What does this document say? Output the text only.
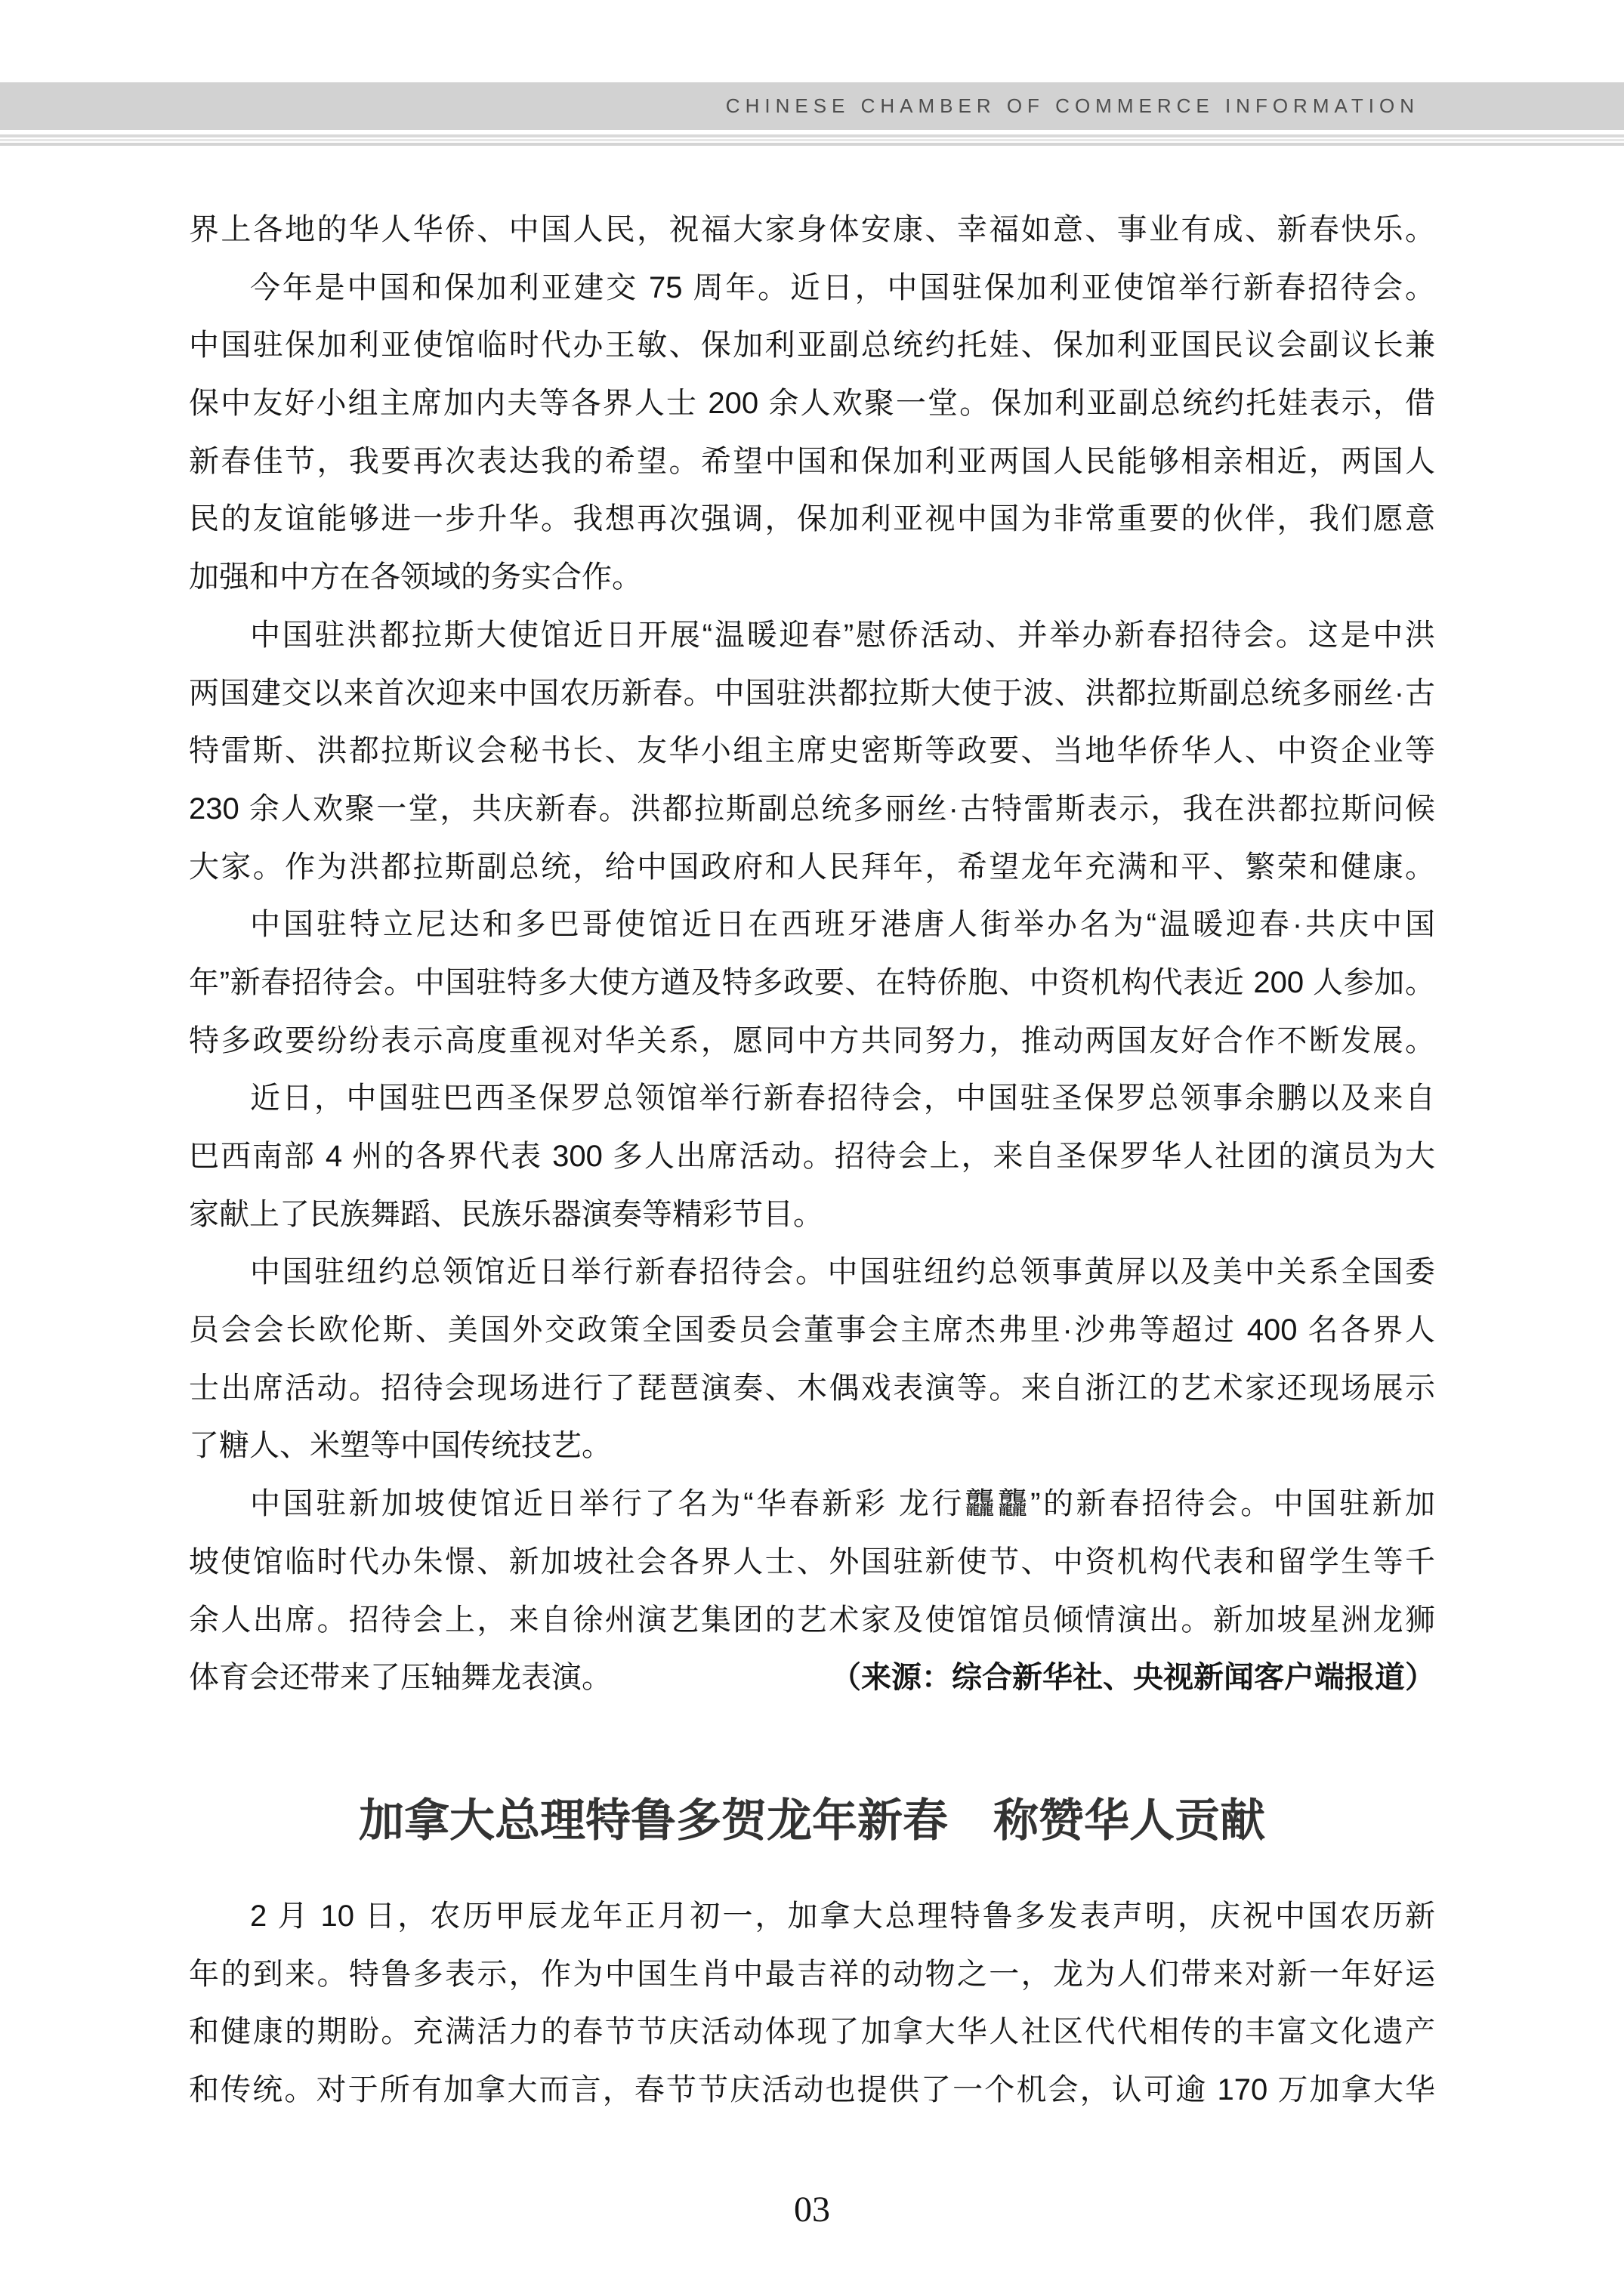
CHINESE CHAMBER OF COMMERCE INFORMATION
界上各地的华人华侨、中国人民，祝福大家身体安康、幸福如意、事业有成、新春快乐。
今年是中国和保加利亚建交 75 周年。近日，中国驻保加利亚使馆举行新春招待会。
中国驻保加利亚使馆临时代办王敏、保加利亚副总统约托娃、保加利亚国民议会副议长兼
保中友好小组主席加内夫等各界人士 200 余人欢聚一堂。保加利亚副总统约托娃表示，借
新春佳节，我要再次表达我的希望。希望中国和保加利亚两国人民能够相亲相近，两国人
民的友谊能够进一步升华。我想再次强调，保加利亚视中国为非常重要的伙伴，我们愿意
加强和中方在各领域的务实合作。
中国驻洪都拉斯大使馆近日开展“温暖迎春”慰侨活动、并举办新春招待会。这是中洪
两国建交以来首次迎来中国农历新春。中国驻洪都拉斯大使于波、洪都拉斯副总统多丽丝·古
特雷斯、洪都拉斯议会秘书长、友华小组主席史密斯等政要、当地华侨华人、中资企业等
230 余人欢聚一堂，共庆新春。洪都拉斯副总统多丽丝·古特雷斯表示，我在洪都拉斯问候
大家。作为洪都拉斯副总统，给中国政府和人民拜年，希望龙年充满和平、繁荣和健康。
中国驻特立尼达和多巴哥使馆近日在西班牙港唐人街举办名为“温暖迎春·共庆中国
年”新春招待会。中国驻特多大使方遒及特多政要、在特侨胞、中资机构代表近 200 人参加。
特多政要纷纷表示高度重视对华关系，愿同中方共同努力，推动两国友好合作不断发展。
近日，中国驻巴西圣保罗总领馆举行新春招待会，中国驻圣保罗总领事余鹏以及来自
巴西南部 4 州的各界代表 300 多人出席活动。招待会上，来自圣保罗华人社团的演员为大
家献上了民族舞蹈、民族乐器演奏等精彩节目。
中国驻纽约总领馆近日举行新春招待会。中国驻纽约总领事黄屏以及美中关系全国委
员会会长欧伦斯、美国外交政策全国委员会董事会主席杰弗里·沙弗等超过 400 名各界人
士出席活动。招待会现场进行了琵琶演奏、木偶戏表演等。来自浙江的艺术家还现场展示
了糖人、米塑等中国传统技艺。
中国驻新加坡使馆近日举行了名为“华春新彩 龙行龘龘”的新春招待会。中国驻新加
坡使馆临时代办朱憬、新加坡社会各界人士、外国驻新使节、中资机构代表和留学生等千
余人出席。招待会上，来自徐州演艺集团的艺术家及使馆馆员倾情演出。新加坡星洲龙狮
体育会还带来了压轴舞龙表演。	（来源：综合新华社、央视新闻客户端报道）
加拿大总理特鲁多贺龙年新春　称赞华人贡献
2 月 10 日，农历甲辰龙年正月初一，加拿大总理特鲁多发表声明，庆祝中国农历新
年的到来。特鲁多表示，作为中国生肖中最吉祥的动物之一，龙为人们带来对新一年好运
和健康的期盼。充满活力的春节节庆活动体现了加拿大华人社区代代相传的丰富文化遗产
和传统。对于所有加拿大而言，春节节庆活动也提供了一个机会，认可逾 170 万加拿大华
03
